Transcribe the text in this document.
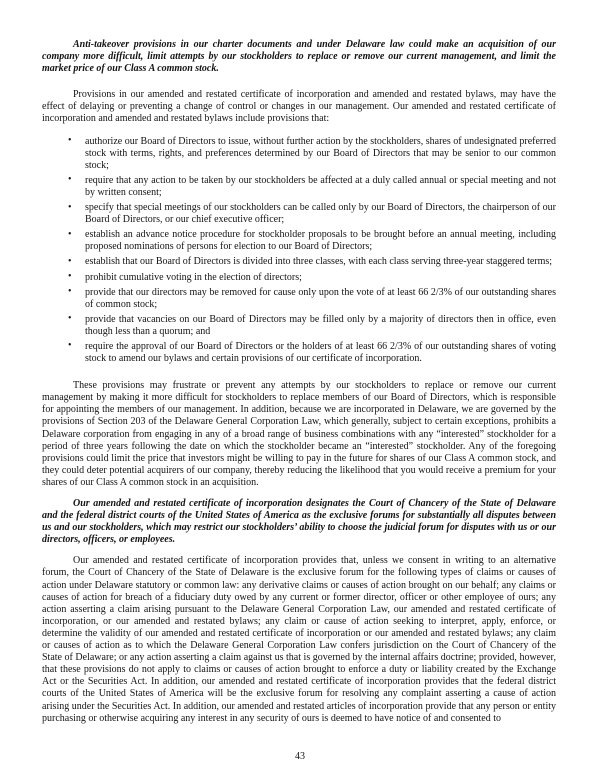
Anti-takeover provisions in our charter documents and under Delaware law could make an acquisition of our company more difficult, limit attempts by our stockholders to replace or remove our current management, and limit the market price of our Class A common stock.

Provisions in our amended and restated certificate of incorporation and amended and restated bylaws, may have the effect of delaying or preventing a change of control or changes in our management. Our amended and restated certificate of incorporation and amended and restated bylaws include provisions that:

• authorize our Board of Directors to issue, without further action by the stockholders, shares of undesignated preferred stock with terms, rights, and preferences determined by our Board of Directors that may be senior to our common stock;
• require that any action to be taken by our stockholders be affected at a duly called annual or special meeting and not by written consent;
• specify that special meetings of our stockholders can be called only by our Board of Directors, the chairperson of our Board of Directors, or our chief executive officer;
• establish an advance notice procedure for stockholder proposals to be brought before an annual meeting, including proposed nominations of persons for election to our Board of Directors;
• establish that our Board of Directors is divided into three classes, with each class serving three-year staggered terms;
• prohibit cumulative voting in the election of directors;
• provide that our directors may be removed for cause only upon the vote of at least 66 2/3% of our outstanding shares of common stock;
• provide that vacancies on our Board of Directors may be filled only by a majority of directors then in office, even though less than a quorum; and
• require the approval of our Board of Directors or the holders of at least 66 2/3% of our outstanding shares of voting stock to amend our bylaws and certain provisions of our certificate of incorporation.

These provisions may frustrate or prevent any attempts by our stockholders to replace or remove our current management by making it more difficult for stockholders to replace members of our Board of Directors, which is responsible for appointing the members of our management. In addition, because we are incorporated in Delaware, we are governed by the provisions of Section 203 of the Delaware General Corporation Law, which generally, subject to certain exceptions, prohibits a Delaware corporation from engaging in any of a broad range of business combinations with any “interested” stockholder for a period of three years following the date on which the stockholder became an “interested” stockholder. Any of the foregoing provisions could limit the price that investors might be willing to pay in the future for shares of our Class A common stock, and they could deter potential acquirers of our company, thereby reducing the likelihood that you would receive a premium for your shares of our Class A common stock in an acquisition.

Our amended and restated certificate of incorporation designates the Court of Chancery of the State of Delaware and the federal district courts of the United States of America as the exclusive forums for substantially all disputes between us and our stockholders, which may restrict our stockholders’ ability to choose the judicial forum for disputes with us or our directors, officers, or employees.

Our amended and restated certificate of incorporation provides that, unless we consent in writing to an alternative forum, the Court of Chancery of the State of Delaware is the exclusive forum for the following types of claims or causes of action under Delaware statutory or common law: any derivative claims or causes of action brought on our behalf; any claims or causes of action for breach of a fiduciary duty owed by any current or former director, officer or other employee of ours; any action asserting a claim arising pursuant to the Delaware General Corporation Law, our amended and restated certificate of incorporation, or our amended and restated bylaws; any claim or cause of action seeking to interpret, apply, enforce, or determine the validity of our amended and restated certificate of incorporation or our amended and restated bylaws; any claim or causes of action as to which the Delaware General Corporation Law confers jurisdiction on the Court of Chancery of the State of Delaware; or any action asserting a claim against us that is governed by the internal affairs doctrine; provided, however, that these provisions do not apply to claims or causes of action brought to enforce a duty or liability created by the Exchange Act or the Securities Act. In addition, our amended and restated certificate of incorporation provides that the federal district courts of the United States of America will be the exclusive forum for resolving any complaint asserting a cause of action arising under the Securities Act. In addition, our amended and restated articles of incorporation provide that any person or entity purchasing or otherwise acquiring any interest in any security of ours is deemed to have notice of and consented to

43
